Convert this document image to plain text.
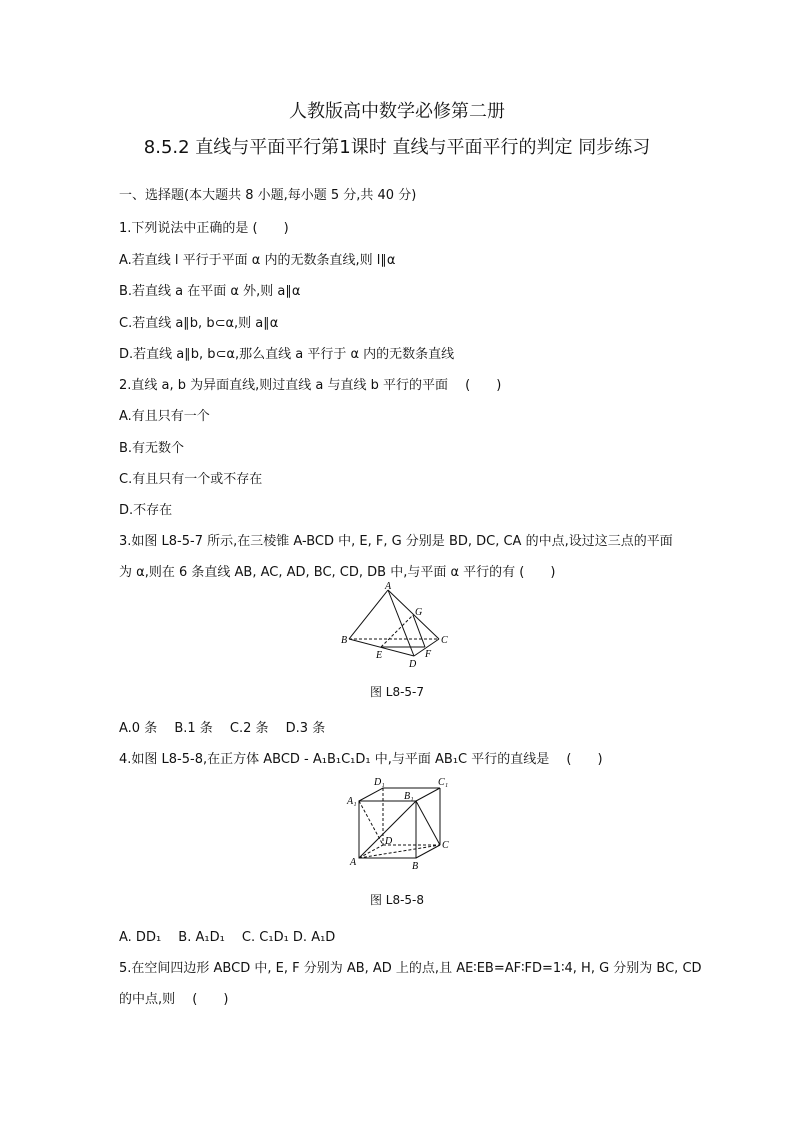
人教版高中数学必修第二册
8.5.2 直线与平面平行第1课时 直线与平面平行的判定 同步练习
一、选择题(本大题共 8 小题,每小题 5 分,共 40 分)
1.下列说法中正确的是 (　　)
A.若直线 l 平行于平面 α 内的无数条直线,则 l∥α
B.若直线 a 在平面 α 外,则 a∥α
C.若直线 a∥b, b⊂α,则 a∥α
D.若直线 a∥b, b⊂α,那么直线 a 平行于 α 内的无数条直线
2.直线 a, b 为异面直线,则过直线 a 与直线 b 平行的平面　 (　　)
A.有且只有一个
B.有无数个
C.有且只有一个或不存在
D.不存在
3.如图 L8-5-7 所示,在三棱锥 A-BCD 中, E, F, G 分别是 BD, DC, CA 的中点,设过这三点的平面
为 α,则在 6 条直线 AB, AC, AD, BC, CD, DB 中,与平面 α 平行的有 (　　)
A
G
B	C
E	F
D
图 L8-5-7
A.0 条　 B.1 条　 C.2 条　 D.3 条
4.如图 L8-5-8,在正方体 ABCD - A₁B₁C₁D₁ 中,与平面 AB₁C 平行的直线是　 (　　)
D₁	C₁
A₁	B₁
D	C
A	B
图 L8-5-8
A. DD₁　 B. A₁D₁　 C. C₁D₁ D. A₁D
5.在空间四边形 ABCD 中, E, F 分别为 AB, AD 上的点,且 AE∶EB=AF∶FD=1∶4, H, G 分别为 BC, CD
的中点,则　 (　　)
